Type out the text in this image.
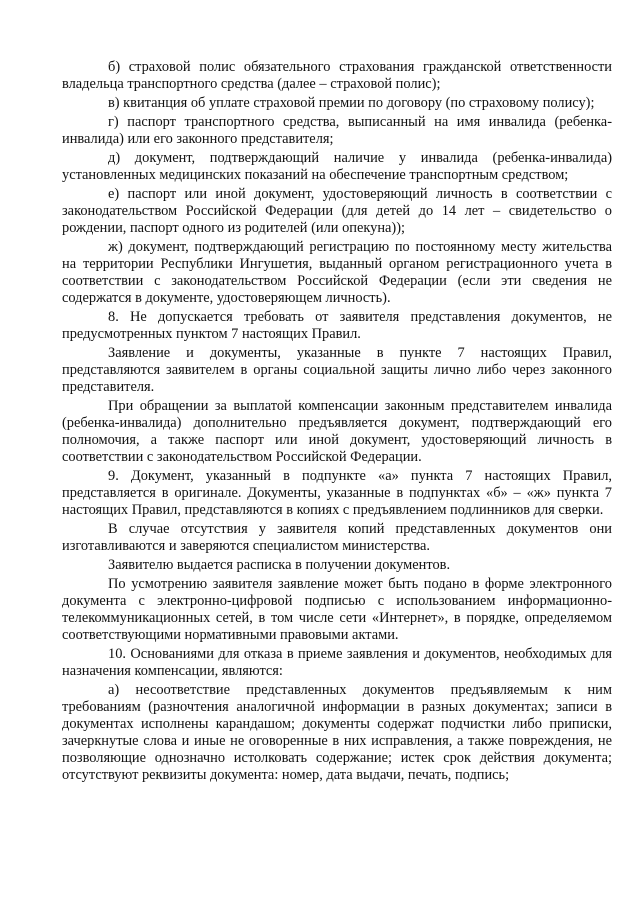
б) страховой полис обязательного страхования гражданской ответственности владельца транспортного средства (далее – страховой полис);

в) квитанция об уплате страховой премии по договору (по страховому полису);

г) паспорт транспортного средства, выписанный на имя инвалида (ребенка-инвалида) или его законного представителя;

д) документ, подтверждающий наличие у инвалида (ребенка-инвалида) установленных медицинских показаний на обеспечение транспортным средством;

е) паспорт или иной документ, удостоверяющий личность в соответствии с законодательством Российской Федерации (для детей до 14 лет – свидетельство о рождении, паспорт одного из родителей (или опекуна));

ж) документ, подтверждающий регистрацию по постоянному месту жительства на территории Республики Ингушетия, выданный органом регистрационного учета в соответствии с законодательством Российской Федерации (если эти сведения не содержатся в документе, удостоверяющем личность).

8. Не допускается требовать от заявителя представления документов, не предусмотренных пунктом 7 настоящих Правил.

Заявление и документы, указанные в пункте 7 настоящих Правил, представляются заявителем в органы социальной защиты лично либо через законного представителя.

При обращении за выплатой компенсации законным представителем инвалида (ребенка-инвалида) дополнительно предъявляется документ, подтверждающий его полномочия, а также паспорт или иной документ, удостоверяющий личность в соответствии с законодательством Российской Федерации.

9. Документ, указанный в подпункте «а» пункта 7 настоящих Правил, представляется в оригинале. Документы, указанные в подпунктах «б» – «ж» пункта 7 настоящих Правил, представляются в копиях с предъявлением подлинников для сверки.

В случае отсутствия у заявителя копий представленных документов они изготавливаются и заверяются специалистом министерства.

Заявителю выдается расписка в получении документов.

По усмотрению заявителя заявление может быть подано в форме электронного документа с электронно-цифровой подписью с использованием информационно-телекоммуникационных сетей, в том числе сети «Интернет», в порядке, определяемом соответствующими нормативными правовыми актами.

10. Основаниями для отказа в приеме заявления и документов, необходимых для назначения компенсации, являются:

а) несоответствие представленных документов предъявляемым к ним требованиям (разночтения аналогичной информации в разных документах; записи в документах исполнены карандашом; документы содержат подчистки либо приписки, зачеркнутые слова и иные не оговоренные в них исправления, а также повреждения, не позволяющие однозначно истолковать содержание; истек срок действия документа; отсутствуют реквизиты документа: номер, дата выдачи, печать, подпись;
